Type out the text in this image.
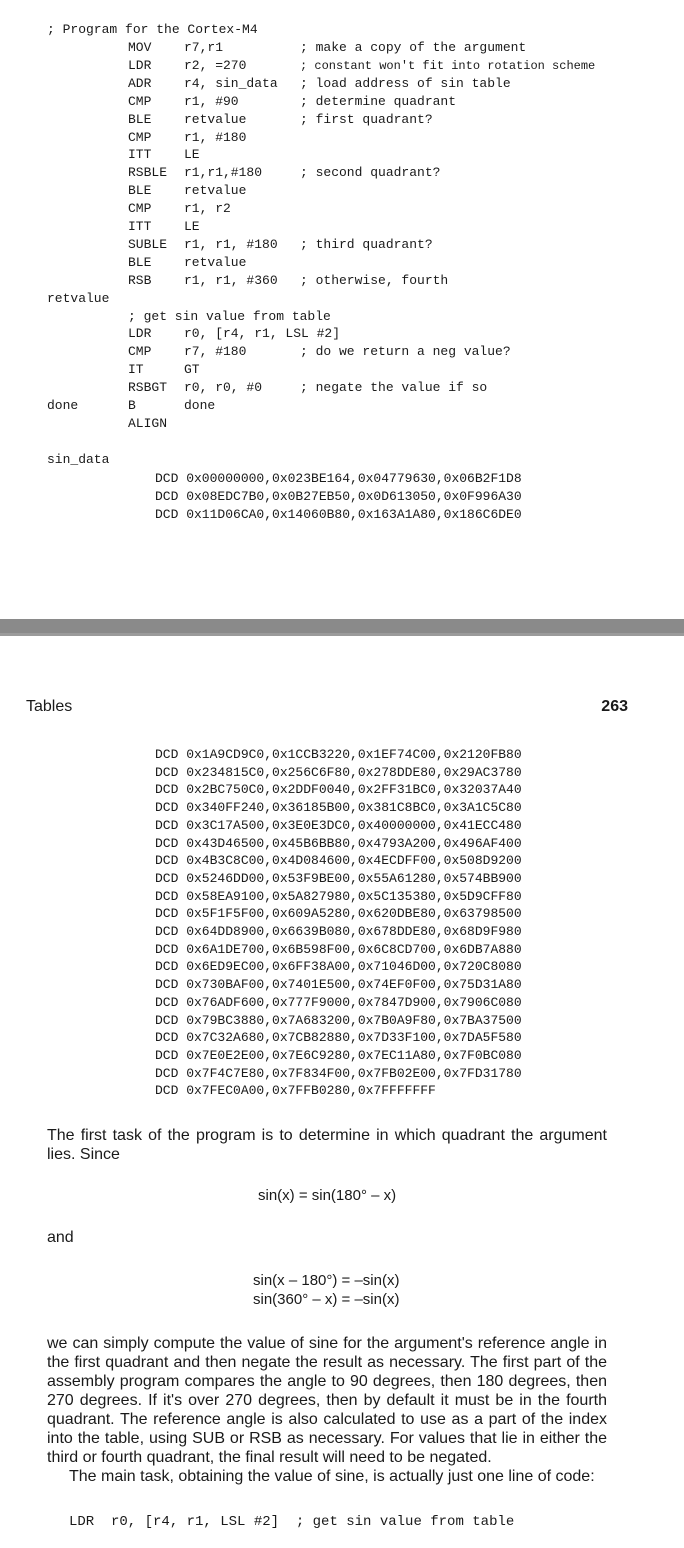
; Program for the Cortex-M4
MOV	r7,r1	; make a copy of the argument
LDR	r2, =270	; constant won't fit into rotation scheme
ADR	r4, sin_data ; load address of sin table
CMP	r1, #90	; determine quadrant
BLE	retvalue	; first quadrant?
CMP	r1, #180
ITT	LE
RSBLE r1,r1,#180	; second quadrant?
BLE	retvalue
CMP	r1, r2
ITT	LE
SUBLE r1, r1, #180 ; third quadrant?
BLE	retvalue
RSB	r1, r1, #360 ; otherwise, fourth
retvalue
; get sin value from table
LDR	r0, [r4, r1, LSL #2]
CMP	r7, #180	; do we return a neg value?
IT	GT
RSBGT r0, r0, #0	; negate the value if so
done	B	done
ALIGN
sin_data
DCD 0x00000000,0x023BE164,0x04779630,0x06B2F1D8
DCD 0x08EDC7B0,0x0B27EB50,0x0D613050,0x0F996A30
DCD 0x11D06CA0,0x14060B80,0x163A1A80,0x186C6DE0
Tables	263
DCD 0x1A9CD9C0,0x1CCB3220,0x1EF74C00,0x2120FB80
DCD 0x234815C0,0x256C6F80,0x278DDE80,0x29AC3780
DCD 0x2BC750C0,0x2DDF0040,0x2FF31BC0,0x32037A40
DCD 0x340FF240,0x36185B00,0x381C8BC0,0x3A1C5C80
DCD 0x3C17A500,0x3E0E3DC0,0x40000000,0x41ECC480
DCD 0x43D46500,0x45B6BB80,0x4793A200,0x496AF400
DCD 0x4B3C8C00,0x4D084600,0x4ECDFF00,0x508D9200
DCD 0x5246DD00,0x53F9BE00,0x55A61280,0x574BB900
DCD 0x58EA9100,0x5A827980,0x5C135380,0x5D9CFF80
DCD 0x5F1F5F00,0x609A5280,0x620DBE80,0x63798500
DCD 0x64DD8900,0x6639B080,0x678DDE80,0x68D9F980
DCD 0x6A1DE700,0x6B598F00,0x6C8CD700,0x6DB7A880
DCD 0x6ED9EC00,0x6FF38A00,0x71046D00,0x720C8080
DCD 0x730BAF00,0x7401E500,0x74EF0F00,0x75D31A80
DCD 0x76ADF600,0x777F9000,0x7847D900,0x7906C080
DCD 0x79BC3880,0x7A683200,0x7B0A9F80,0x7BA37500
DCD 0x7C32A680,0x7CB82880,0x7D33F100,0x7DA5F580
DCD 0x7E0E2E00,0x7E6C9280,0x7EC11A80,0x7F0BC080
DCD 0x7F4C7E80,0x7F834F00,0x7FB02E00,0x7FD31780
DCD 0x7FEC0A00,0x7FFB0280,0x7FFFFFFF
The first task of the program is to determine in which quadrant the argument lies. Since
sin(x) = sin(180° – x)
and
sin(x – 180°) = –sin(x)
sin(360° – x) = –sin(x)
we can simply compute the value of sine for the argument's reference angle in the first quadrant and then negate the result as necessary. The first part of the assembly program compares the angle to 90 degrees, then 180 degrees, then 270 degrees. If it's over 270 degrees, then by default it must be in the fourth quadrant. The reference angle is also calculated to use as a part of the index into the table, using SUB or RSB as necessary. For values that lie in either the third or fourth quadrant, the final result will need to be negated.
The main task, obtaining the value of sine, is actually just one line of code:
LDR  r0, [r4, r1, LSL #2]  ; get sin value from table
